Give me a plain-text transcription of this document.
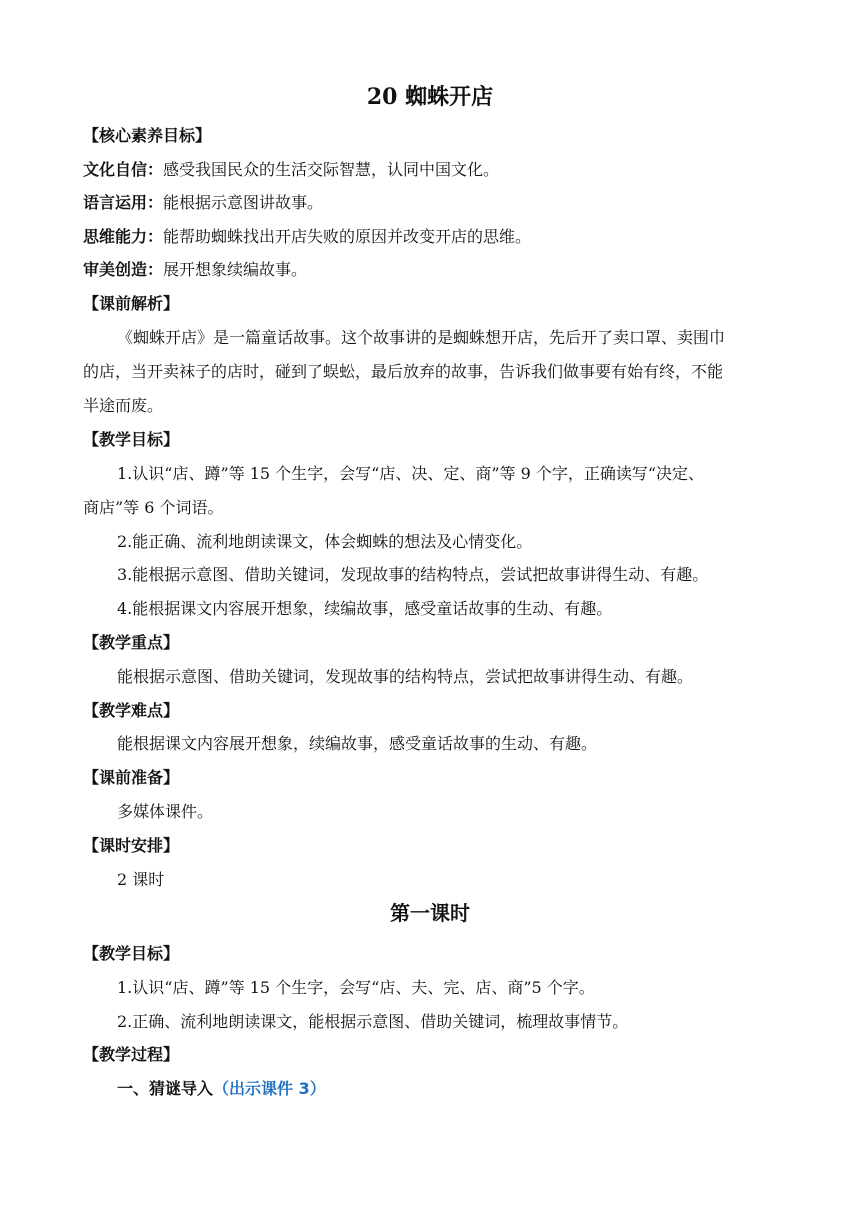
20 蜘蛛开店
【核心素养目标】
文化自信：感受我国民众的生活交际智慧，认同中国文化。
语言运用：能根据示意图讲故事。
思维能力：能帮助蜘蛛找出开店失败的原因并改变开店的思维。
审美创造：展开想象续编故事。
【课前解析】
《蜘蛛开店》是一篇童话故事。这个故事讲的是蜘蛛想开店，先后开了卖口罩、卖围巾
的店，当开卖袜子的店时，碰到了蜈蚣，最后放弃的故事，告诉我们做事要有始有终，不能
半途而废。
【教学目标】
1.认识“店、蹲”等 15 个生字，会写“店、决、定、商”等 9 个字，正确读写“决定、
商店”等 6 个词语。
2.能正确、流利地朗读课文，体会蜘蛛的想法及心情变化。
3.能根据示意图、借助关键词，发现故事的结构特点，尝试把故事讲得生动、有趣。
4.能根据课文内容展开想象，续编故事，感受童话故事的生动、有趣。
【教学重点】
能根据示意图、借助关键词，发现故事的结构特点，尝试把故事讲得生动、有趣。
【教学难点】
能根据课文内容展开想象，续编故事，感受童话故事的生动、有趣。
【课前准备】
多媒体课件。
【课时安排】
2 课时
第一课时
【教学目标】
1.认识“店、蹲”等 15 个生字，会写“店、夫、完、店、商”5 个字。
2.正确、流利地朗读课文，能根据示意图、借助关键词，梳理故事情节。
【教学过程】
一、猜谜导入（出示课件 3）
